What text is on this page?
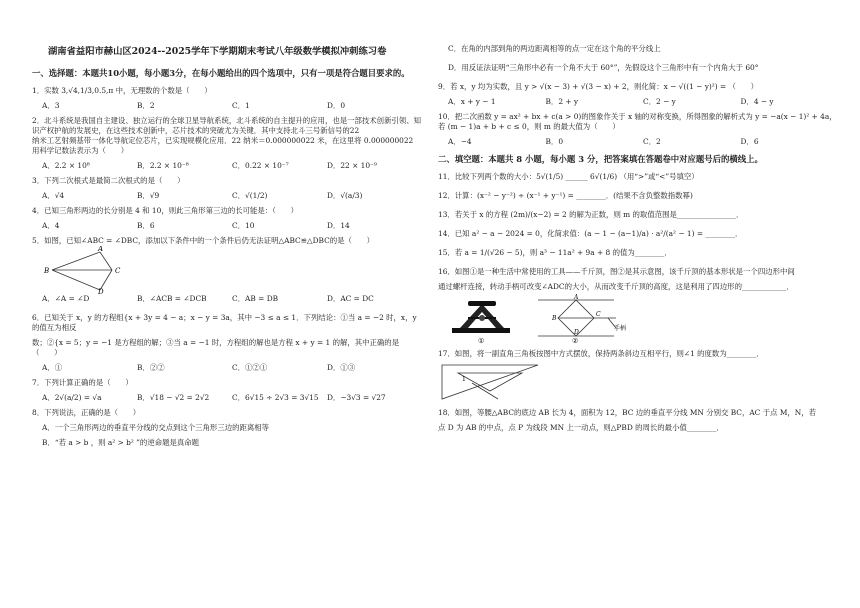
湖南省益阳市赫山区2024--2025学年下学期期末考试八年级数学模拟冲刺练习卷
一、选择题：本题共10小题，每小题3分，在每小题给出的四个选项中，只有一项是符合题目要求的。
1．实数 3,√4,1/3,0.5,π 中，无理数的个数是（　　）
A．3	B．2	C．1	D．0
2．北斗系统是我国自主建设、独立运行的全球卫星导航系统，北斗系统的自主提升的应用，也是一部技术创新引领、知识产权护航的发展史，在这些技术创新中，芯片技术的突破尤为关键．其中支持北斗三号新信号的22
纳米工艺射频基带一体化导航定位芯片，已实现规模化应用．22 纳米＝0.000000022 米，在这里将 0.000000022
用科学记数法表示为（　　）
A．2.2 × 10⁸	B．2.2 × 10⁻⁸	C．0.22 × 10⁻⁷	D．22 × 10⁻⁹
3．下列二次根式是最简二次根式的是（　　）
A．√4	B．√9	C．√(1/2)	D．√(a/3)
4．已知三角形两边的长分别是 4 和 10，则此三角形第三边的长可能是：（　　）
A．4	B．6	C．10	D．14
5．如图，已知∠ABC = ∠DBC，添加以下条件中的一个条件后仍无法证明△ABC≌△DBC的是（　　）
A
B	C
D
A．∠A = ∠D	B．∠ACB = ∠DCB	C．AB = DB	D．AC = DC
6．已知关于 x，y 的方程组{x + 3y = 4 − a；x − y = 3a，其中 −3 ≤ a ≤ 1．下列结论：①当 a = −2 时，x，y 的值互为相反
数；②{x = 5；y = −1 是方程组的解；③当 a = −1 时，方程组的解也是方程 x + y = 1 的解，其中正确的是（　　）
A．①	B．②②	C．①②①	D．①③
7．下列计算正确的是（　　）
A．2√(a/2) = √a	B．√18 − √2 = 2√2	C．6√15 ÷ 2√3 = 3√15	D．−3√3 = √27
8．下列说法，正确的是（　　）
A．一个三角形两边的垂直平分线的交点到这个三角形三边的距离相等
B．“若 a > b ，则 a² > b² ”的逆命题是真命题
C．在角的内部到角的两边距离相等的点一定在这个角的平分线上
D．用反证法证明“三角形中必有一个角不大于 60°”，先假设这个三角形中有一个内角大于 60°
9．若 x，y 均为实数，且 y > √(x − 3) + √(3 − x) + 2，则化简：x − √((1 − y)²) = （　　）
A．x + y − 1	B．2 + y	C．2 − y	D．4 − y
10．把二次函数 y = ax² + bx + c(a > 0)的图象作关于 x 轴的对称变换，所得图象的解析式为 y = −a(x − 1)² + 4a，
若 (m − 1)a + b + c ≤ 0，则 m 的最大值为（　　）
A．−4	B．0	C．2	D．6
二、填空题：本题共 8 小题，每小题 3 分，把答案填在答题卷中对应题号后的横线上。
11．比较下列两个数的大小：5√(1/5) ______ 6√(1/6) （用“>”或“<”号填空）
12．计算：(x⁻² − y⁻²) ÷ (x⁻¹ + y⁻¹) = ________．(结果不含负整数指数幂)
13．若关于 x 的方程 (2m)/(x−2) = 2 的解为正数，则 m 的取值范围是________________．
14．已知 a² − a − 2024 = 0，化简求值：(a − 1 − (a−1)/a) · a²/(a² − 1) = ________．
15．若 a = 1/(√26 − 5)，则 a³ − 11a² + 9a + 8 的值为________．
16．如图①是一种生活中常使用的工具——千斤顶，图②是其示意图，该千斤顶的基本形状是一个四边形中间
通过螺杆连接，转动手柄可改变∠ADC的大小，从而改变千斤顶的高度，这是利用了四边形的____________．
①
A
B
C
D
手柄
②
17．如图，将一副直角三角板按图中方式摆放，保持两条斜边互相平行，则∠1 的度数为________．
1
18．如图，等腰△ABC的底边 AB 长为 4，面积为 12，BC 边的垂直平分线 MN 分别交 BC，AC 于点 M，N，若
点 D 为 AB 的中点，点 P 为线段 MN 上一动点，则△PBD 的周长的最小值________．
